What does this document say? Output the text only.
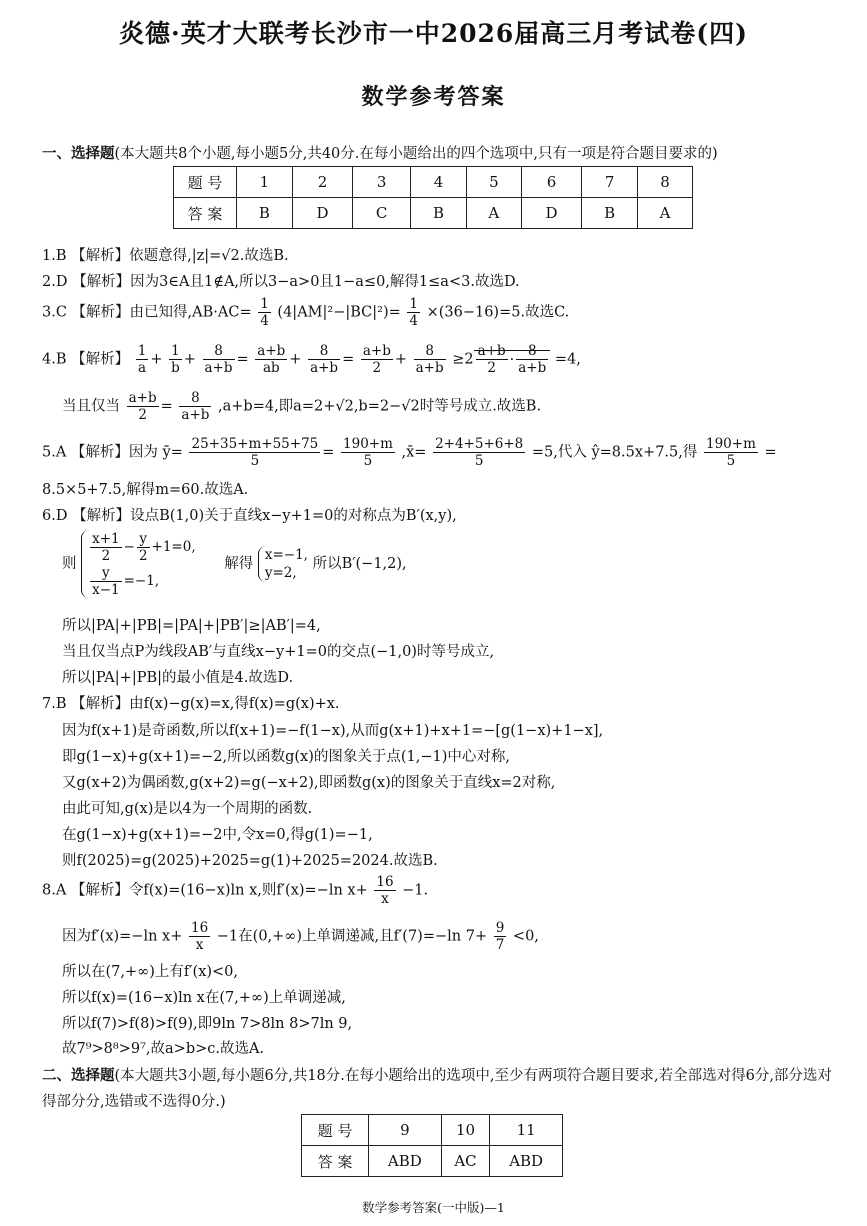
炎德·英才大联考长沙市一中2026届高三月考试卷(四)
数学参考答案
一、选择题(本大题共8个小题,每小题5分,共40分.在每小题给出的四个选项中,只有一项是符合题目要求的)
题 号	1	2	3	4	5	6	7	8
答 案	B	D	C	B	A	D	B	A
1.B 【解析】依题意得,|z|=√2.故选B.
2.D 【解析】因为3∈A且1∉A,所以3−a>0且1−a≤0,解得1≤a<3.故选D.
3.C 【解析】由已知得$,AB\cdot AC= \frac{1}{4} (4|AM|^2-|BC|^2)= \frac{1}{4} \times(36-16)=5$.故选C.
4.B 【解析】 $\frac{1}{a} + \frac{1}{b} + \frac{8}{a+b} = \frac{a+b}{ab} + \frac{8}{a+b} = \frac{a+b}{2} + \frac{8}{a+b} \ge 2 \frac{a+b}{2} \cdot \frac{8}{a+b} =4$,
当且仅当 $\frac{a+b}{2} = \frac{8}{a+b} ,a+b=4$,即a=2+√2,b=2−√2时等号成立.故选B.
5.A 【解析】因为 ȳ= $\frac{25+35+m+55+75}{5} = \frac{190+m}{5}$ ,x̄= $\frac{2+4+5+6+8}{5} =5$,代入 ŷ=8.5x+7.5,得 $\frac{190+m}{5}$ =
8.5×5+7.5,解得m=60.故选A.
6.D 【解析】设点B(1,0)关于直线x−y+1=0的对称点为B′(x,y),
则 $\frac{x+1}{2} - \frac{y}{2} +1=0$,
$\frac{y}{x-1} =-1$,
解得
x=−1,
y=2,
所以B′(−1,2),
所以|PA|+|PB|=|PA|+|PB′|≥|AB′|=4,
当且仅当点P为线段AB′与直线x−y+1=0的交点(−1,0)时等号成立,
所以|PA|+|PB|的最小值是4.故选D.
7.B 【解析】由f(x)−g(x)=x,得f(x)=g(x)+x.
因为f(x+1)是奇函数,所以f(x+1)=−f(1−x),从而g(x+1)+x+1=−[g(1−x)+1−x],
即g(1−x)+g(x+1)=−2,所以函数g(x)的图象关于点(1,−1)中心对称,
又g(x+2)为偶函数,g(x+2)=g(−x+2),即函数g(x)的图象关于直线x=2对称,
由此可知,g(x)是以4为一个周期的函数.
在g(1−x)+g(x+1)=−2中,令x=0,得g(1)=−1,
则f(2025)=g(2025)+2025=g(1)+2025=2024.故选B.
8.A 【解析】令f(x)=(16−x)ln x,则f′(x)=−ln $x+ \frac{16}{x} -1$.
因为f′(x)=−ln $x+ \frac{16}{x} -1$在(0,+∞)上单调递减,且f′(7)=−ln $7+ \frac{9}{7} <0$,
所以在(7,+∞)上有f′(x)<0,
所以f(x)=(16−x)ln x在(7,+∞)上单调递减,
所以f(7)>f(8)>f(9),即9ln 7>8ln 8>7ln 9,
故7⁹>8⁸>9⁷,故a>b>c.故选A.
二、选择题(本大题共3小题,每小题6分,共18分.在每小题给出的选项中,至少有两项符合题目要求,若全部选对得6分,部分选对得部分分,选错或不选得0分.)
题 号	9	10	11
答 案	ABD	AC	ABD
数学参考答案(一中版)—1
